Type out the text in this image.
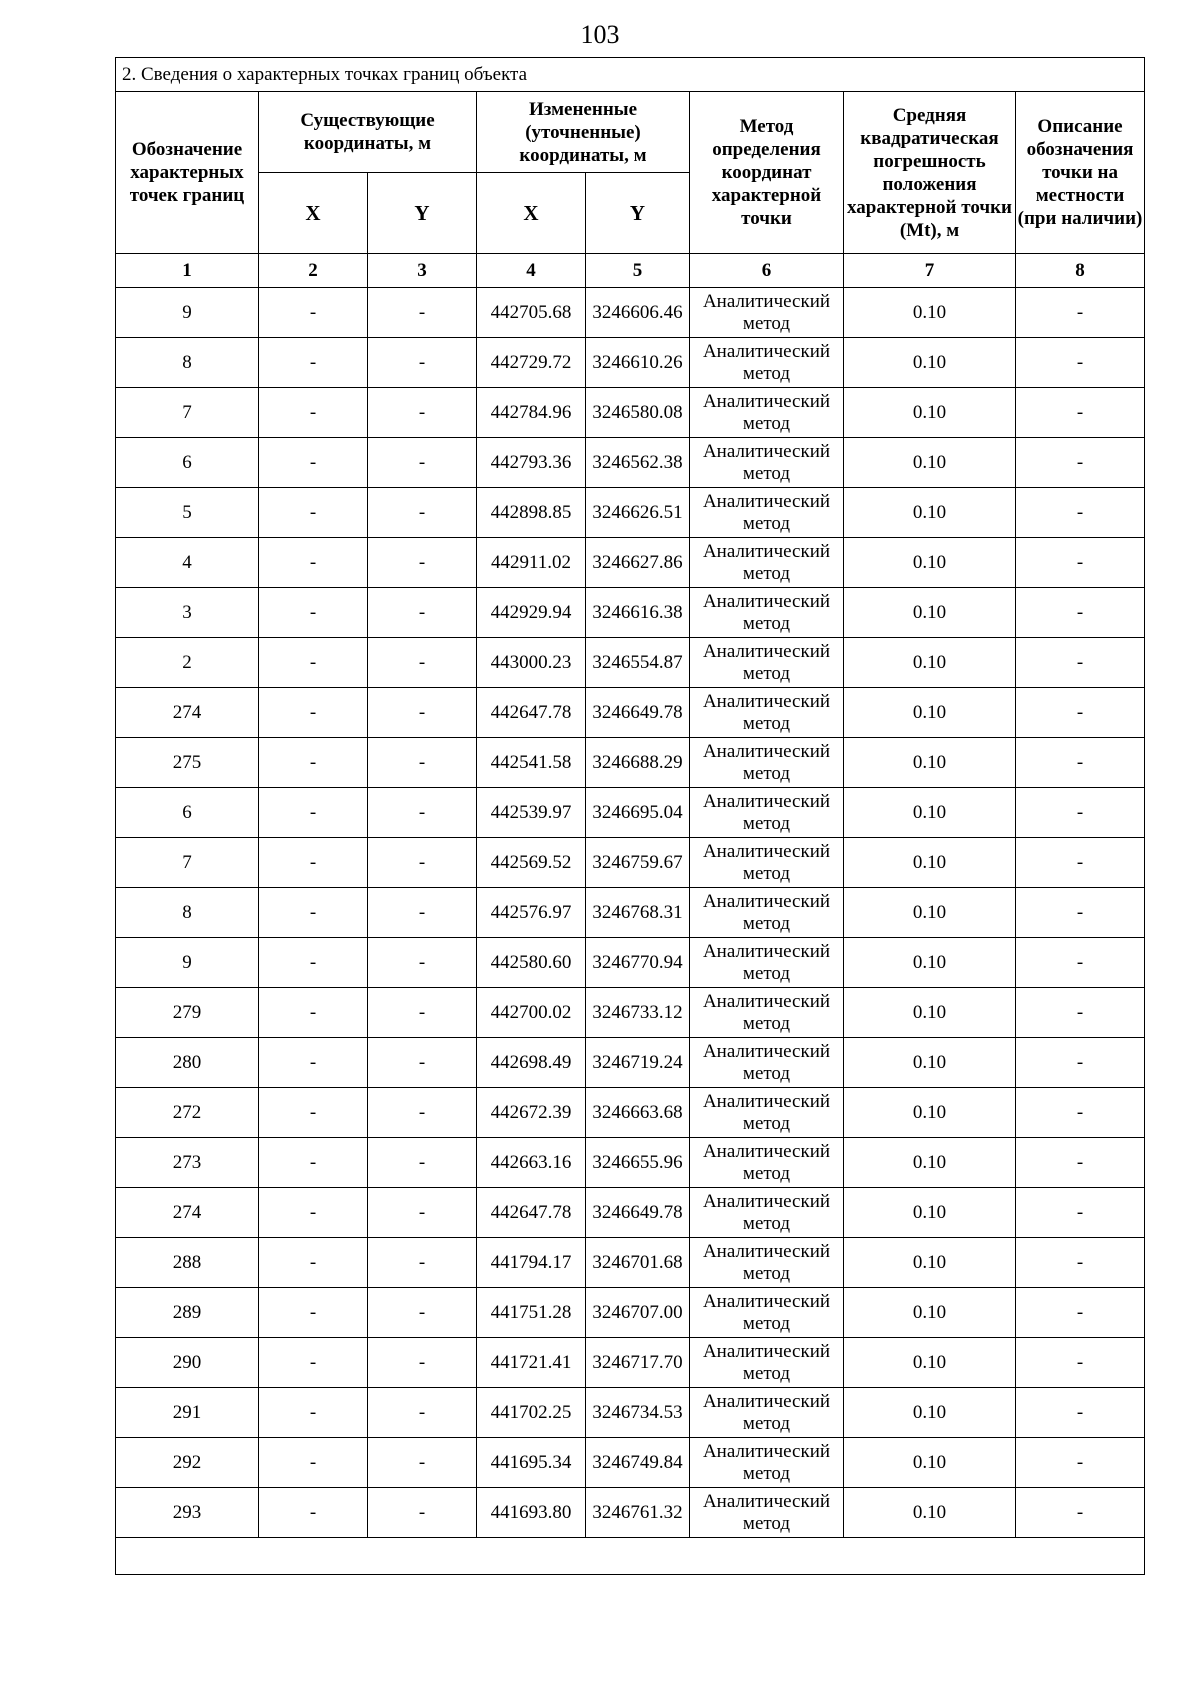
103
2. Сведения о характерных точках границ объекта							
Обозначение характерных точек границ	Существующие координаты, м		Измененные (уточненные) координаты, м		Метод определения координат характерной точки	Средняя квадратическая погрешность положения характерной точки (Mt), м	Описание обозначения точки на местности (при наличии)
	X	Y	X	Y			
1	2	3	4	5	6	7	8
9	-	-	442705.68	3246606.46	Аналитический метод	0.10	-
8	-	-	442729.72	3246610.26	Аналитический метод	0.10	-
7	-	-	442784.96	3246580.08	Аналитический метод	0.10	-
6	-	-	442793.36	3246562.38	Аналитический метод	0.10	-
5	-	-	442898.85	3246626.51	Аналитический метод	0.10	-
4	-	-	442911.02	3246627.86	Аналитический метод	0.10	-
3	-	-	442929.94	3246616.38	Аналитический метод	0.10	-
2	-	-	443000.23	3246554.87	Аналитический метод	0.10	-
274	-	-	442647.78	3246649.78	Аналитический метод	0.10	-
275	-	-	442541.58	3246688.29	Аналитический метод	0.10	-
6	-	-	442539.97	3246695.04	Аналитический метод	0.10	-
7	-	-	442569.52	3246759.67	Аналитический метод	0.10	-
8	-	-	442576.97	3246768.31	Аналитический метод	0.10	-
9	-	-	442580.60	3246770.94	Аналитический метод	0.10	-
279	-	-	442700.02	3246733.12	Аналитический метод	0.10	-
280	-	-	442698.49	3246719.24	Аналитический метод	0.10	-
272	-	-	442672.39	3246663.68	Аналитический метод	0.10	-
273	-	-	442663.16	3246655.96	Аналитический метод	0.10	-
274	-	-	442647.78	3246649.78	Аналитический метод	0.10	-
288	-	-	441794.17	3246701.68	Аналитический метод	0.10	-
289	-	-	441751.28	3246707.00	Аналитический метод	0.10	-
290	-	-	441721.41	3246717.70	Аналитический метод	0.10	-
291	-	-	441702.25	3246734.53	Аналитический метод	0.10	-
292	-	-	441695.34	3246749.84	Аналитический метод	0.10	-
293	-	-	441693.80	3246761.32	Аналитический метод	0.10	-
